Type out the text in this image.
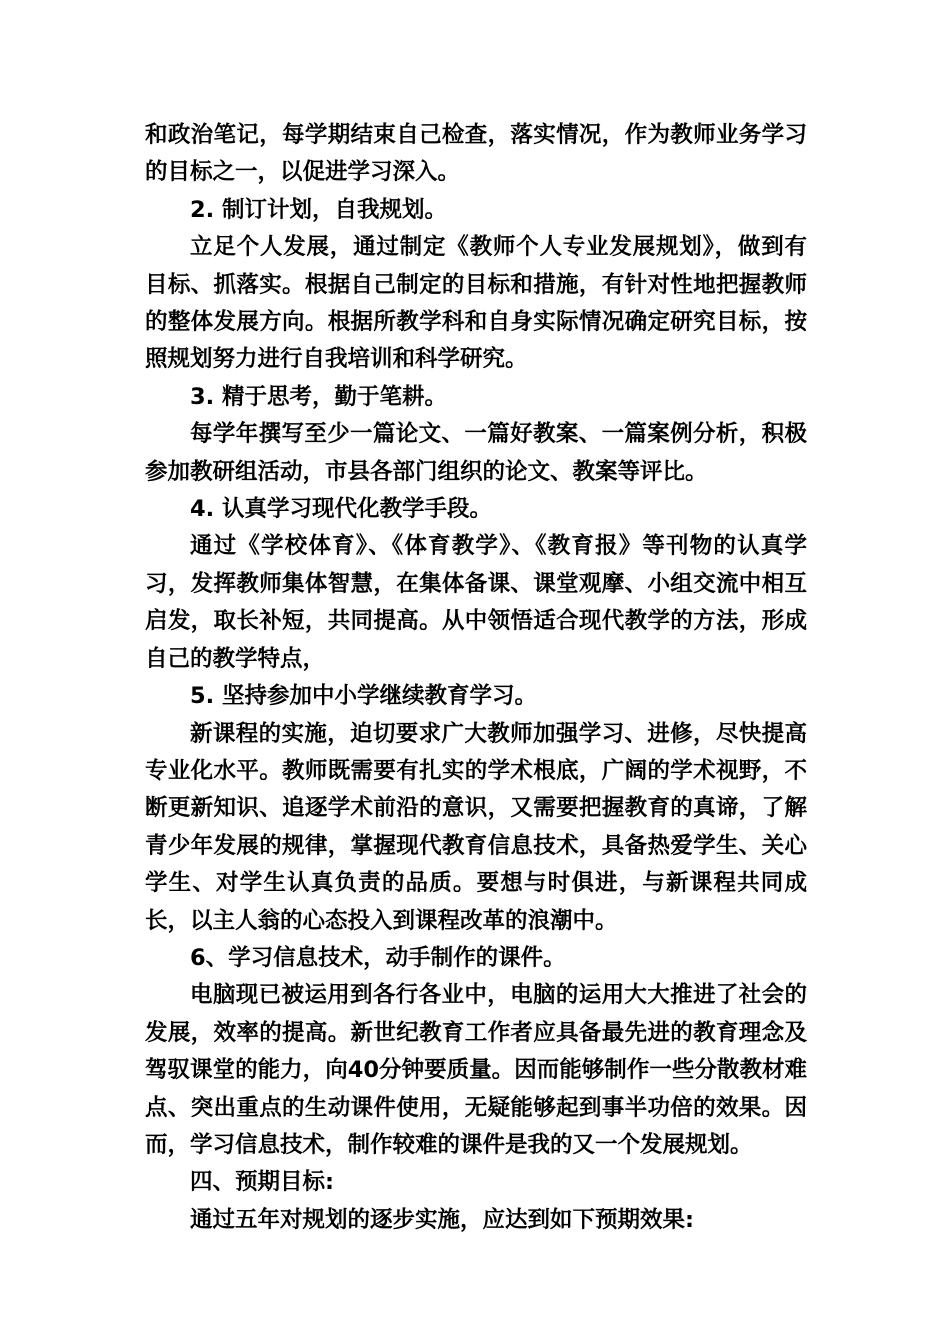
和政治笔记，每学期结束自己检查，落实情况，作为教师业务学习的目标之一，以促进学习深入。

2. 制订计划，自我规划。

立足个人发展，通过制定《教师个人专业发展规划》，做到有目标、抓落实。根据自己制定的目标和措施，有针对性地把握教师的整体发展方向。根据所教学科和自身实际情况确定研究目标，按照规划努力进行自我培训和科学研究。

3. 精于思考，勤于笔耕。

每学年撰写至少一篇论文、一篇好教案、一篇案例分析，积极参加教研组活动，市县各部门组织的论文、教案等评比。

4. 认真学习现代化教学手段。

通过《学校体育》、《体育教学》、《教育报》等刊物的认真学习，发挥教师集体智慧，在集体备课、课堂观摩、小组交流中相互启发，取长补短，共同提高。从中领悟适合现代教学的方法，形成自己的教学特点，

5. 坚持参加中小学继续教育学习。

新课程的实施，迫切要求广大教师加强学习、进修，尽快提高专业化水平。教师既需要有扎实的学术根底，广阔的学术视野，不断更新知识、追逐学术前沿的意识，又需要把握教育的真谛，了解青少年发展的规律，掌握现代教育信息技术，具备热爱学生、关心学生、对学生认真负责的品质。要想与时俱进，与新课程共同成长，以主人翁的心态投入到课程改革的浪潮中。

6、学习信息技术，动手制作的课件。

电脑现已被运用到各行各业中，电脑的运用大大推进了社会的发展，效率的提高。新世纪教育工作者应具备最先进的教育理念及驾驭课堂的能力，向40分钟要质量。因而能够制作一些分散教材难点、突出重点的生动课件使用，无疑能够起到事半功倍的效果。因而，学习信息技术，制作较难的课件是我的又一个发展规划。

四、预期目标:

通过五年对规划的逐步实施，应达到如下预期效果:
